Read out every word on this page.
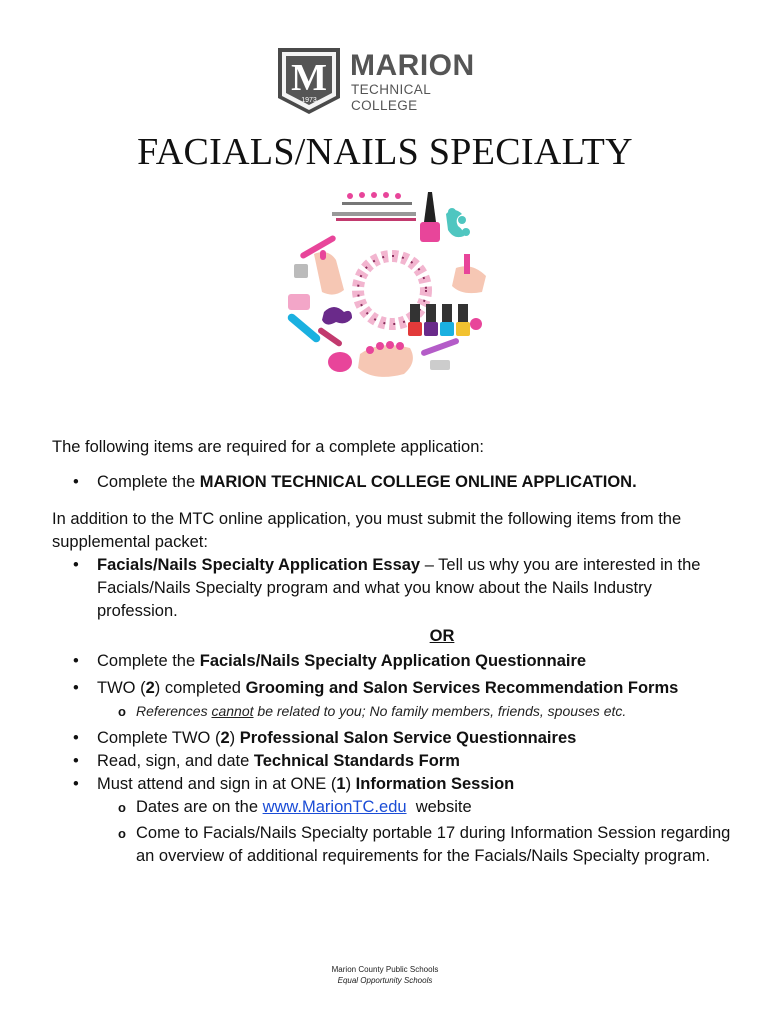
M
1973
MARION
TECHNICAL COLLEGE
FACIALS/NAILS SPECIALTY

The following items are required for a complete application:

• Complete the MARION TECHNICAL COLLEGE ONLINE APPLICATION.

In addition to the MTC online application, you must submit the following items from the supplemental packet:

• Facials/Nails Specialty Application Essay – Tell us why you are interested in the Facials/Nails Specialty program and what you know about the Nails Industry profession.

OR

• Complete the Facials/Nails Specialty Application Questionnaire
• TWO (2) completed Grooming and Salon Services Recommendation Forms
o References cannot be related to you; No family members, friends, spouses etc.
• Complete TWO (2) Professional Salon Service Questionnaires
• Read, sign, and date Technical Standards Form
• Must attend and sign in at ONE (1) Information Session
o Dates are on the www.MarionTC.edu  website
o Come to Facials/Nails Specialty portable 17 during Information Session regarding an overview of additional requirements for the Facials/Nails Specialty program.
Marion County Public Schools
Equal Opportunity Schools
